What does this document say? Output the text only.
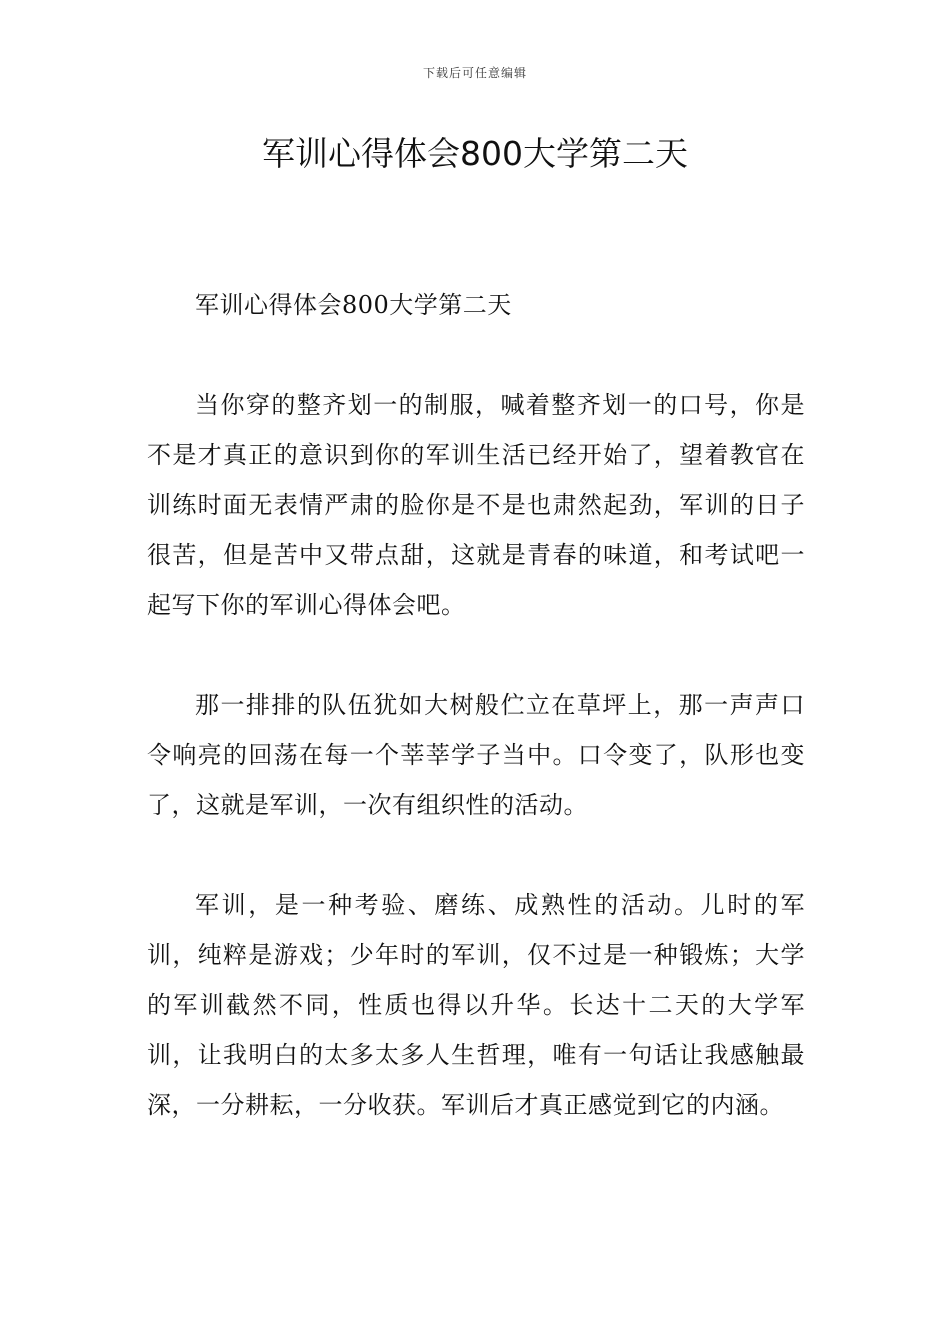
下载后可任意编辑
军训心得体会800大学第二天

军训心得体会800大学第二天

当你穿的整齐划一的制服，喊着整齐划一的口号，你是不是才真正的意识到你的军训生活已经开始了，望着教官在训练时面无表情严肃的脸你是不是也肃然起劲，军训的日子很苦，但是苦中又带点甜，这就是青春的味道，和考试吧一起写下你的军训心得体会吧。

那一排排的队伍犹如大树般伫立在草坪上，那一声声口令响亮的回荡在每一个莘莘学子当中。口令变了，队形也变了，这就是军训，一次有组织性的活动。

军训，是一种考验、磨练、成熟性的活动。儿时的军训，纯粹是游戏；少年时的军训，仅不过是一种锻炼；大学的军训截然不同，性质也得以升华。长达十二天的大学军训，让我明白的太多太多人生哲理，唯有一句话让我感触最深，一分耕耘，一分收获。军训后才真正感觉到它的内涵。
